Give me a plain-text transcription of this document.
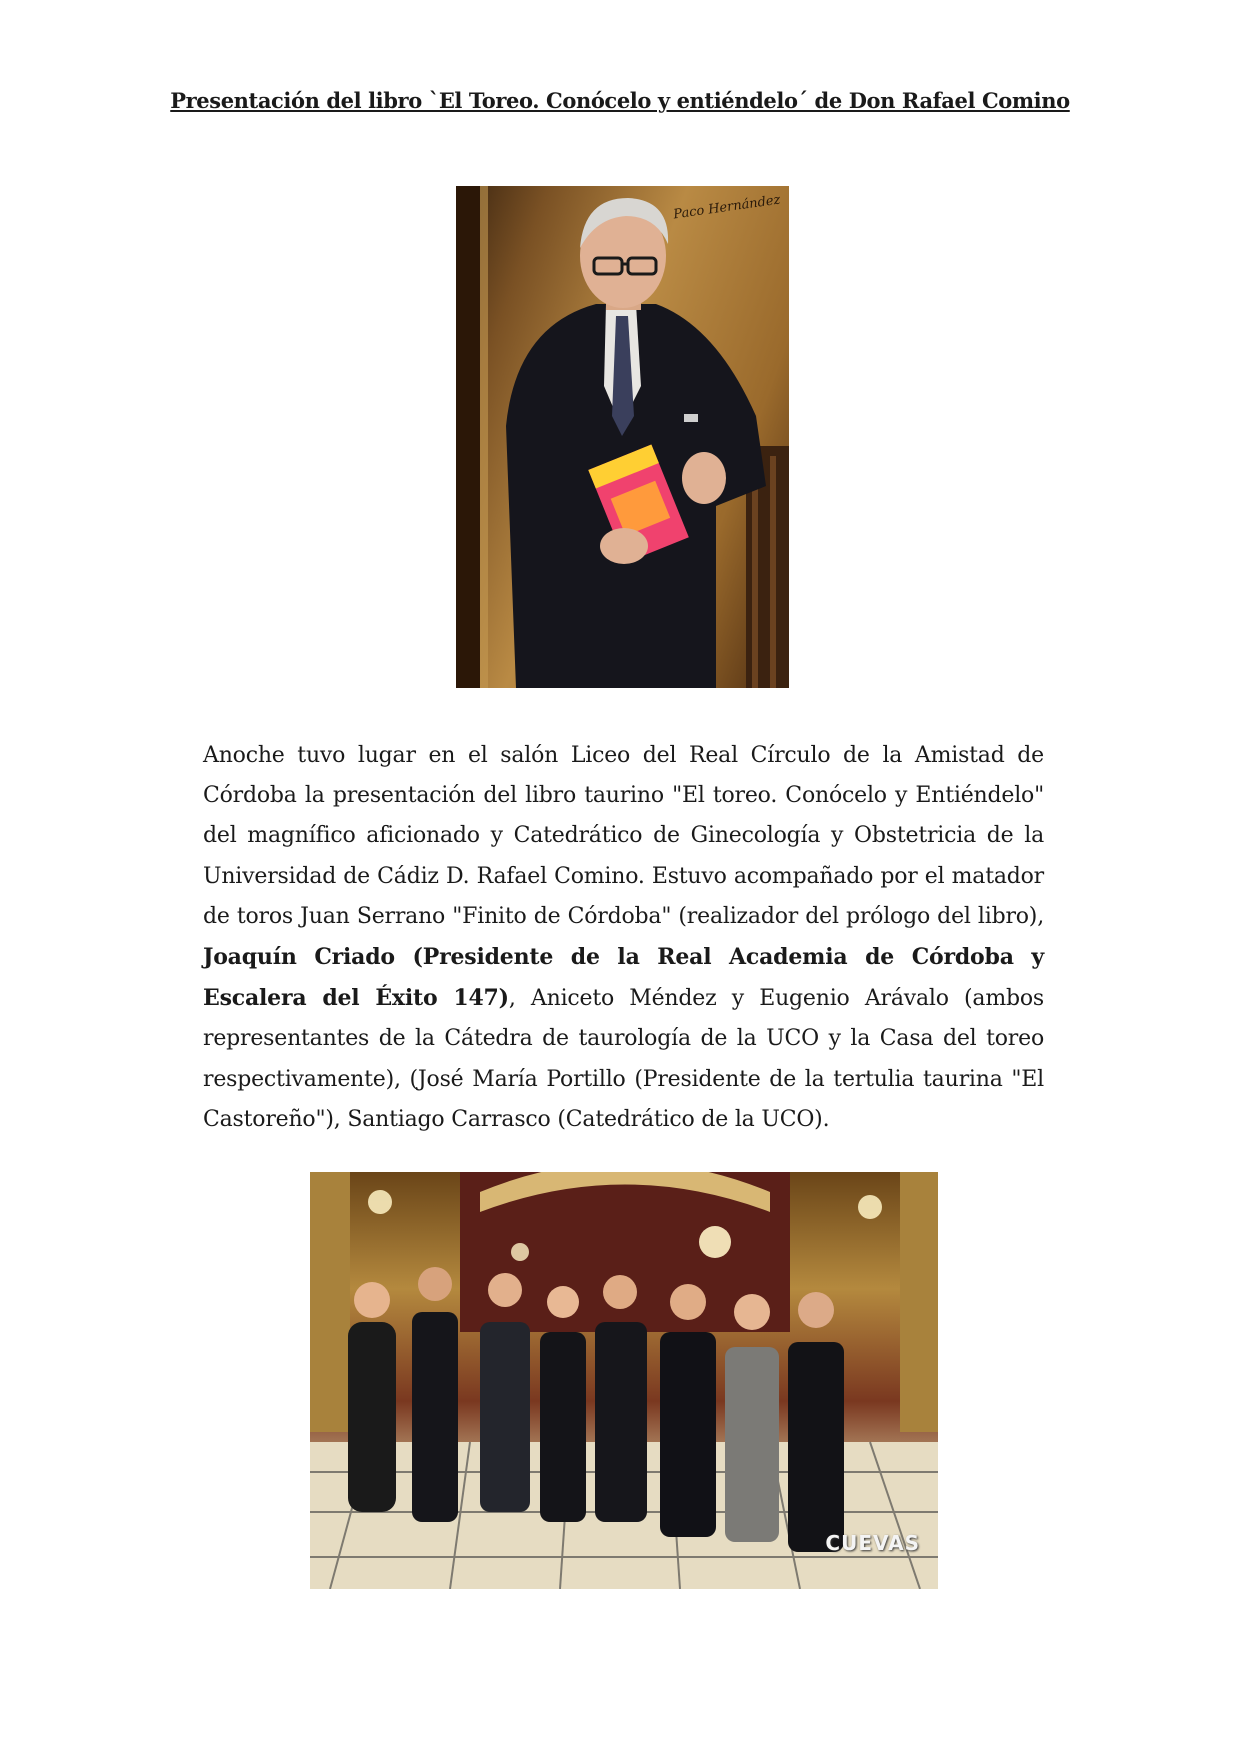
Presentación del libro `El Toreo. Conócelo y entiéndelo´ de Don Rafael Comino
Paco Hernández

Anoche tuvo lugar en el salón Liceo del Real Círculo de la Amistad de Córdoba la presentación del libro taurino "El toreo. Conócelo y Entiéndelo" del magnífico aficionado y Catedrático de Ginecología y Obstetricia de la Universidad de Cádiz D. Rafael Comino. Estuvo acompañado por el matador de toros Juan Serrano "Finito de Córdoba" (realizador del prólogo del libro), Joaquín Criado (Presidente de la Real Academia de Córdoba y Escalera del Éxito 147), Aniceto Méndez y Eugenio Arávalo (ambos representantes de la Cátedra de taurología de la UCO y la Casa del toreo respectivamente), (José María Portillo (Presidente de la tertulia taurina "El Castoreño"), Santiago Carrasco (Catedrático de la UCO).

CUEVAS
